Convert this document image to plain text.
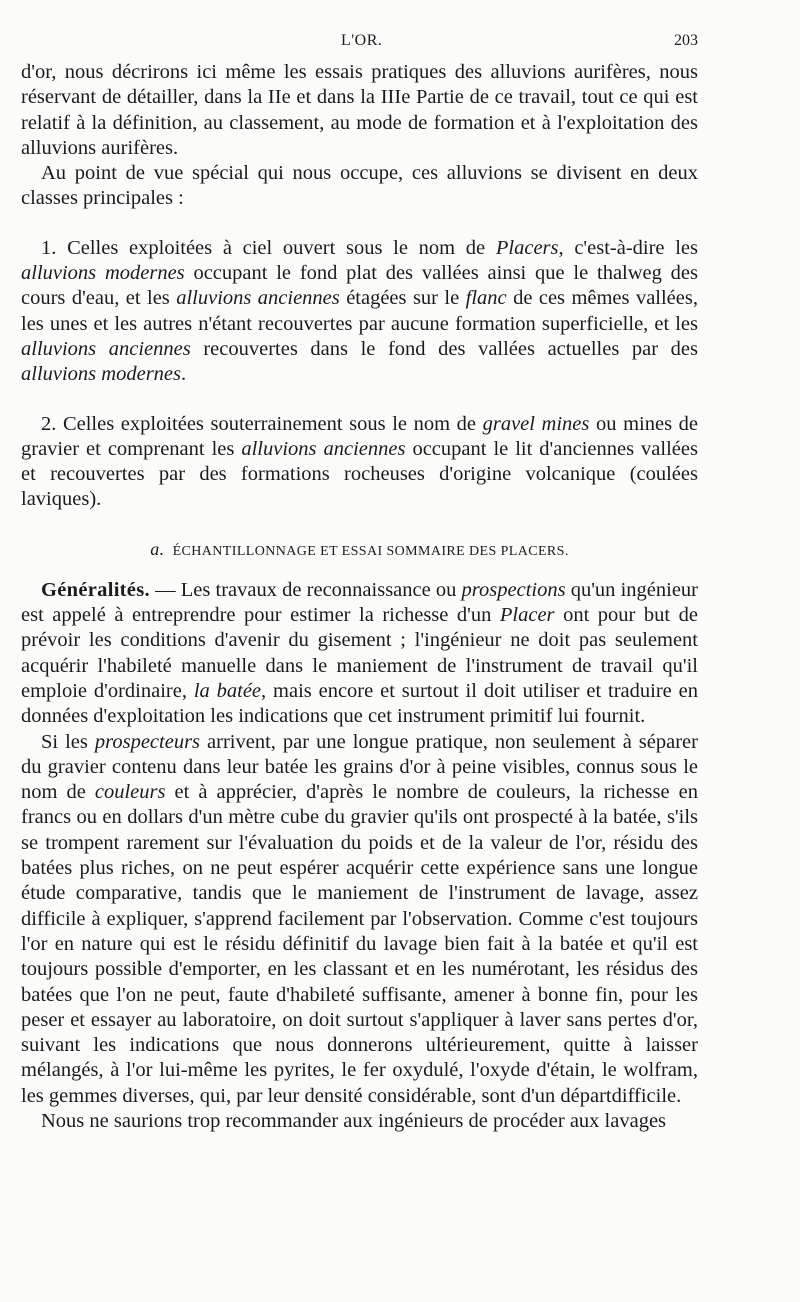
L'OR.	203

d'or, nous décrirons ici même les essais pratiques des alluvions aurifères, nous réservant de détailler, dans la IIe et dans la IIIe Partie de ce travail, tout ce qui est relatif à la définition, au classement, au mode de formation et à l'exploitation des alluvions aurifères.

Au point de vue spécial qui nous occupe, ces alluvions se divisent en deux classes principales :

1. Celles exploitées à ciel ouvert sous le nom de Placers, c'est-à-dire les alluvions modernes occupant le fond plat des vallées ainsi que le thalweg des cours d'eau, et les alluvions anciennes étagées sur le flanc de ces mêmes vallées, les unes et les autres n'étant recouvertes par aucune formation superficielle, et les alluvions anciennes recouvertes dans le fond des vallées actuelles par des alluvions modernes.

2. Celles exploitées souterrainement sous le nom de gravel mines ou mines de gravier et comprenant les alluvions anciennes occupant le lit d'anciennes vallées et recouvertes par des formations rocheuses d'origine volcanique (coulées laviques).

a. ÉCHANTILLONNAGE ET ESSAI SOMMAIRE DES PLACERS.

Généralités. — Les travaux de reconnaissance ou prospections qu'un ingénieur est appelé à entreprendre pour estimer la richesse d'un Placer ont pour but de prévoir les conditions d'avenir du gisement ; l'ingénieur ne doit pas seulement acquérir l'habileté manuelle dans le maniement de l'instrument de travail qu'il emploie d'ordinaire, la batée, mais encore et surtout il doit utiliser et traduire en données d'exploitation les indications que cet instrument primitif lui fournit.

Si les prospecteurs arrivent, par une longue pratique, non seulement à séparer du gravier contenu dans leur batée les grains d'or à peine visibles, connus sous le nom de couleurs et à apprécier, d'après le nombre de couleurs, la richesse en francs ou en dollars d'un mètre cube du gravier qu'ils ont prospecté à la batée, s'ils se trompent rarement sur l'évaluation du poids et de la valeur de l'or, résidu des batées plus riches, on ne peut espérer acquérir cette expérience sans une longue étude comparative, tandis que le maniement de l'instrument de lavage, assez difficile à expliquer, s'apprend facilement par l'observation. Comme c'est toujours l'or en nature qui est le résidu définitif du lavage bien fait à la batée et qu'il est toujours possible d'emporter, en les classant et en les numérotant, les résidus des batées que l'on ne peut, faute d'habileté suffisante, amener à bonne fin, pour les peser et essayer au laboratoire, on doit surtout s'appliquer à laver sans pertes d'or, suivant les indications que nous donnerons ultérieurement, quitte à laisser mélangés, à l'or lui-même les pyrites, le fer oxydulé, l'oxyde d'étain, le wolfram, les gemmes diverses, qui, par leur densité considérable, sont d'un départdifficile.

Nous ne saurions trop recommander aux ingénieurs de procéder aux lavages
